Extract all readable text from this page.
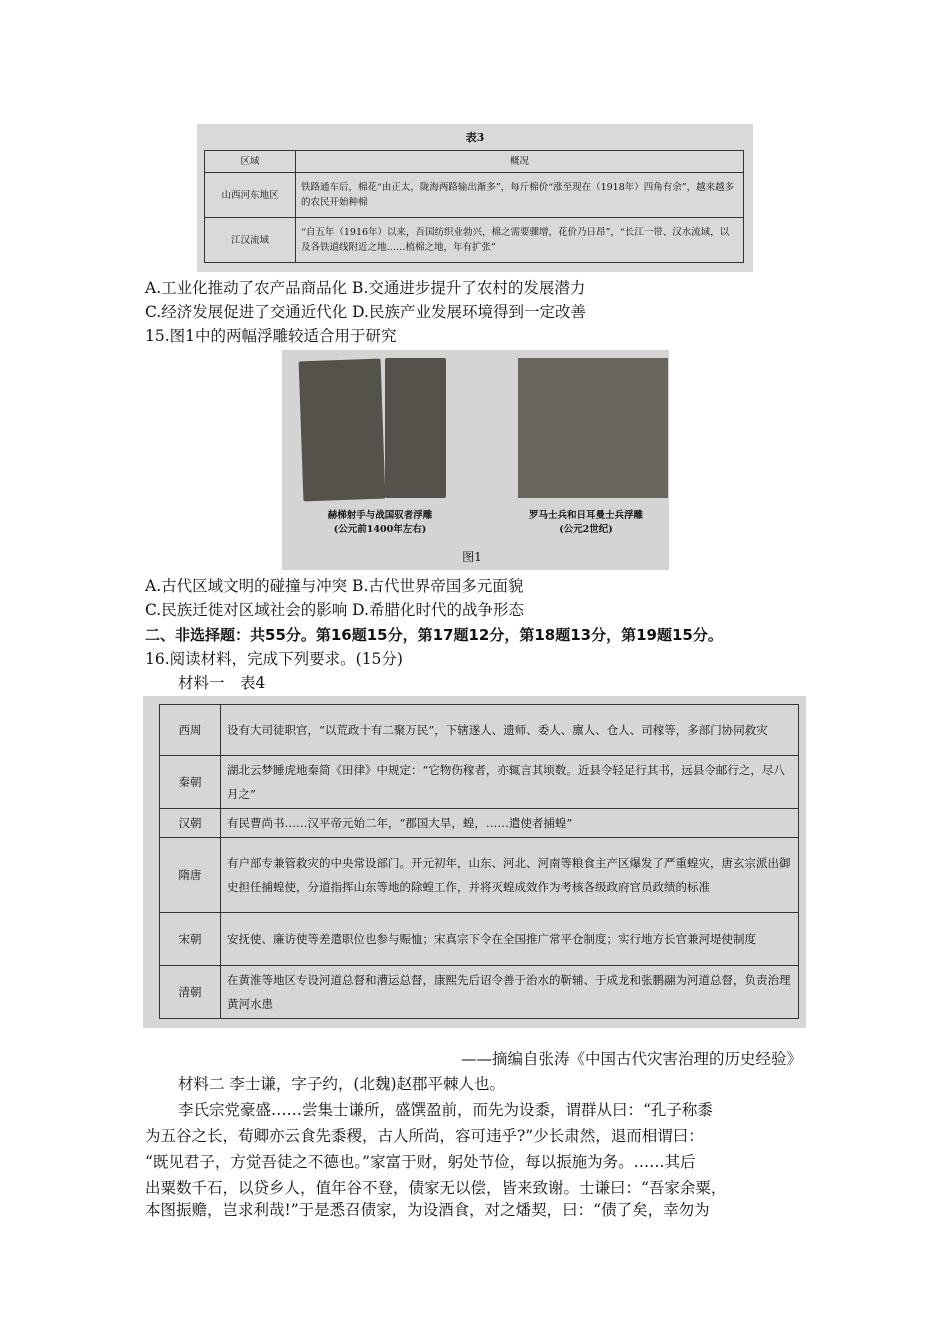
表3
区域	概况
山西河东地区	铁路通车后，棉花“由正太，陇海两路输出渐多”，每斤棉价“涨至现在（1918年）四角有余”，越来越多的农民开始种棉
江汉流域	“自五年（1916年）以来，吾国纺织业勃兴，棉之需要骤增，花价乃日昂”，“长江一带、汉水流域，以及各铁道线附近之地……植棉之地，年有扩张”
A.工业化推动了农产品商品化 B.交通进步提升了农村的发展潜力
C.经济发展促进了交通近代化 D.民族产业发展环境得到一定改善
15.图1中的两幅浮雕较适合用于研究
赫梯射手与战国驭者浮雕
(公元前1400年左右)
罗马士兵和日耳曼士兵浮雕
(公元2世纪)
图1
A.古代区域文明的碰撞与冲突 B.古代世界帝国多元面貌
C.民族迁徙对区域社会的影响 D.希腊化时代的战争形态
二、非选择题：共55分。第16题15分，第17题12分，第18题13分，第19题15分。
16.阅读材料，完成下列要求。(15分)
材料一　表4
西周	设有大司徒职官，“以荒政十有二聚万民”，下辖遂人、遗师、委人、廪人、仓人、司稼等，多部门协同救灾
秦朝	湖北云梦睡虎地秦简《田律》中规定：“它物伤稼者，亦辄言其顷数。近县令轻足行其书，远县令邮行之，尽八月之”
汉朝	有民曹尚书……汉平帝元始二年，“郡国大旱，蝗，……遣使者捕蝗”
隋唐	有户部专兼管救灾的中央常设部门。开元初年，山东、河北、河南等粮食主产区爆发了严重蝗灾，唐玄宗派出御史担任捕蝗使，分道指挥山东等地的除蝗工作，并将灭蝗成效作为考核各级政府官员政绩的标准
宋朝	安抚使、廉访使等差遣职位也参与赈恤；宋真宗下令在全国推广常平仓制度；实行地方长官兼河堤使制度
清朝	在黄淮等地区专设河道总督和漕运总督，康熙先后诏令善于治水的靳辅、于成龙和张鹏翮为河道总督，负责治理黄河水患
——摘编自张涛《中国古代灾害治理的历史经验》
材料二 李士谦，字子约，(北魏)赵郡平棘人也。
李氏宗党豪盛……尝集士谦所，盛馔盈前，而先为设黍，谓群从曰：“孔子称黍
为五谷之长，荀卿亦云食先黍稷，古人所尚，容可违乎?”少长肃然，退而相谓曰：
“既见君子，方觉吾徒之不德也。”家富于财，躬处节俭，每以振施为务。……其后
出粟数千石，以贷乡人，值年谷不登，债家无以偿，皆来致谢。士谦曰：“吾家余粟，
本图振赡，岂求利哉!”于是悉召债家，为设酒食，对之燔契，曰：“债了矣，幸勿为
